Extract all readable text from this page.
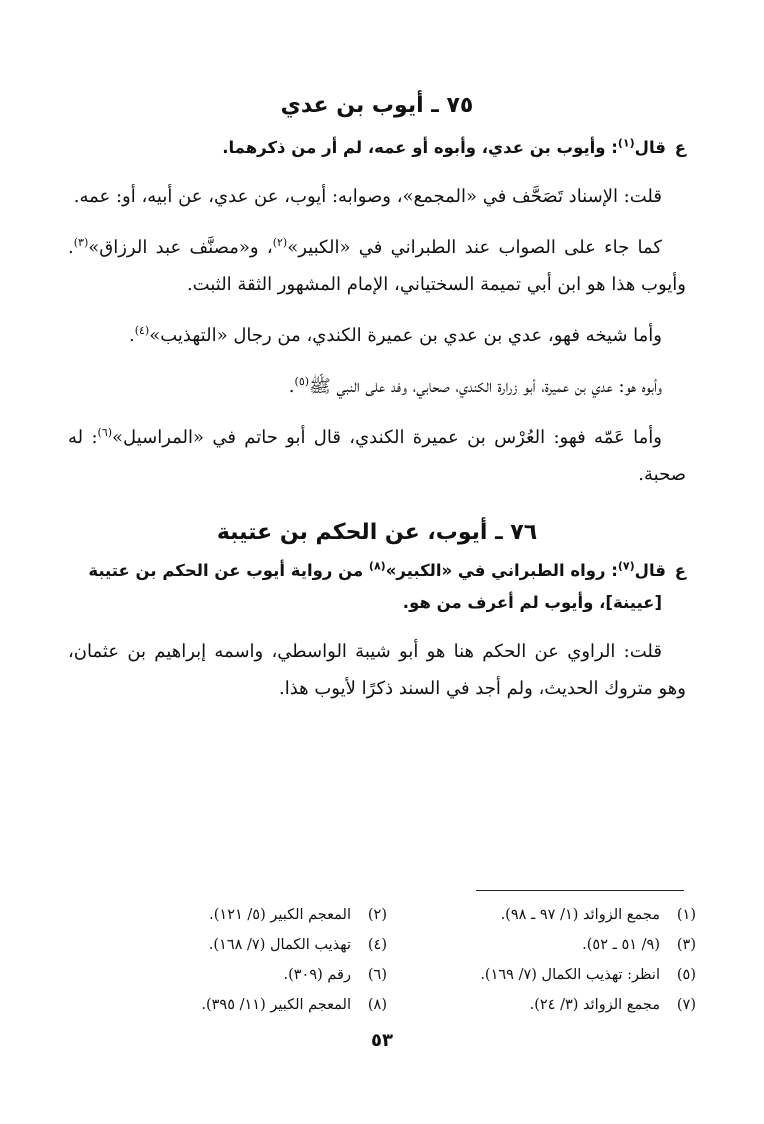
٧٥ ـ أيوب بن عدي

عقال$^{(١)}$: وأيوب بن عدي، وأبوه أو عمه، لم أر من ذكرهما.

قلت: الإسناد تَصَحَّف في «المجمع»، وصوابه: أيوب، عن عدي، عن أبيه، أو: عمه.

كما جاء على الصواب عند الطبراني في «الكبير»$^{(٢)}$، و«مصنَّف عبد الرزاق»$^{(٣)}$. وأيوب هذا هو ابن أبي تميمة السختياني، الإمام المشهور الثقة الثبت.

وأما شيخه فهو، عدي بن عدي بن عميرة الكندي، من رجال «التهذيب»$^{(٤)}$.

وأبوه هو: عدي بن عميرة، أبو زرارة الكندي، صحابي، وفد على النبي ﷺ$^{(٥)}$.

وأما عَمّه فهو: العُرْس بن عميرة الكندي، قال أبو حاتم في «المراسيل»$^{(٦)}$: له صحبة.

٧٦ ـ أيوب، عن الحكم بن عتيبة

عقال$^{(٧)}$: رواه الطبراني في «الكبير»$^{(٨)}$ من رواية أيوب عن الحكم بن عتيبة
[عيينة]، وأيوب لم أعرف من هو.

قلت: الراوي عن الحكم هنا هو أبو شيبة الواسطي، واسمه إبراهيم بن عثمان، وهو متروك الحديث، ولم أجد في السند ذكرًا لأيوب هذا.

(١)مجمع الزوائد (١/ ٩٧ ـ ٩٨).
(٢)المعجم الكبير (٥/ ١٢١).
(٣)(٩/ ٥١ ـ ٥٢).
(٤)تهذيب الكمال (٧/ ١٦٨).
(٥)انظر: تهذيب الكمال (٧/ ١٦٩).
(٦)رقم (٣٠٩).
(٧)مجمع الزوائد (٣/ ٢٤).
(٨)المعجم الكبير (١١/ ٣٩٥).
٥٣
